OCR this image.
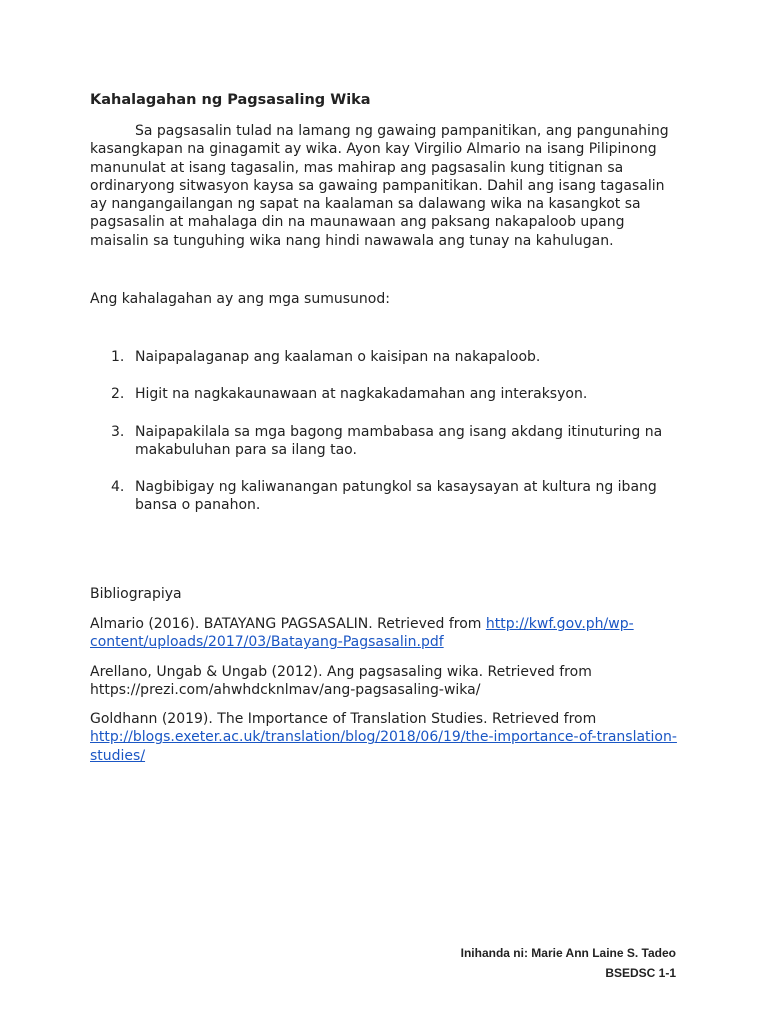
Kahalagahan ng Pagsasaling Wika

Sa pagsasalin tulad na lamang ng gawaing pampanitikan, ang pangunahing kasangkapan na ginagamit ay wika. Ayon kay Virgilio Almario na isang Pilipinong manunulat at isang tagasalin, mas mahirap ang pagsasalin kung titignan sa ordinaryong sitwasyon kaysa sa gawaing pampanitikan. Dahil ang isang tagasalin ay nangangailangan ng sapat na kaalaman sa dalawang wika na kasangkot sa pagsasalin at mahalaga din na maunawaan ang paksang nakapaloob upang maisalin sa tunguhing wika nang hindi nawawala ang tunay na kahulugan.

Ang kahalagahan ay ang mga sumusunod:

1. Naipapalaganap ang kaalaman o kaisipan na nakapaloob.
2. Higit na nagkakaunawaan at nagkakadamahan ang interaksyon.
3. Naipapakilala sa mga bagong mambabasa ang isang akdang itinuturing na makabuluhan para sa ilang tao.
4. Nagbibigay ng kaliwanangan patungkol sa kasaysayan at kultura ng ibang bansa o panahon.

Bibliograpiya

Almario (2016). BATAYANG PAGSASALIN. Retrieved from http://kwf.gov.ph/wp-content/uploads/2017/03/Batayang-Pagsasalin.pdf

Arellano, Ungab & Ungab (2012). Ang pagsasaling wika. Retrieved from https://prezi.com/ahwhdcknlmav/ang-pagsasaling-wika/

Goldhann (2019). The Importance of Translation Studies. Retrieved from http://blogs.exeter.ac.uk/translation/blog/2018/06/19/the-importance-of-translation-studies/

Inihanda ni: Marie Ann Laine S. Tadeo
BSEDSC 1-1
